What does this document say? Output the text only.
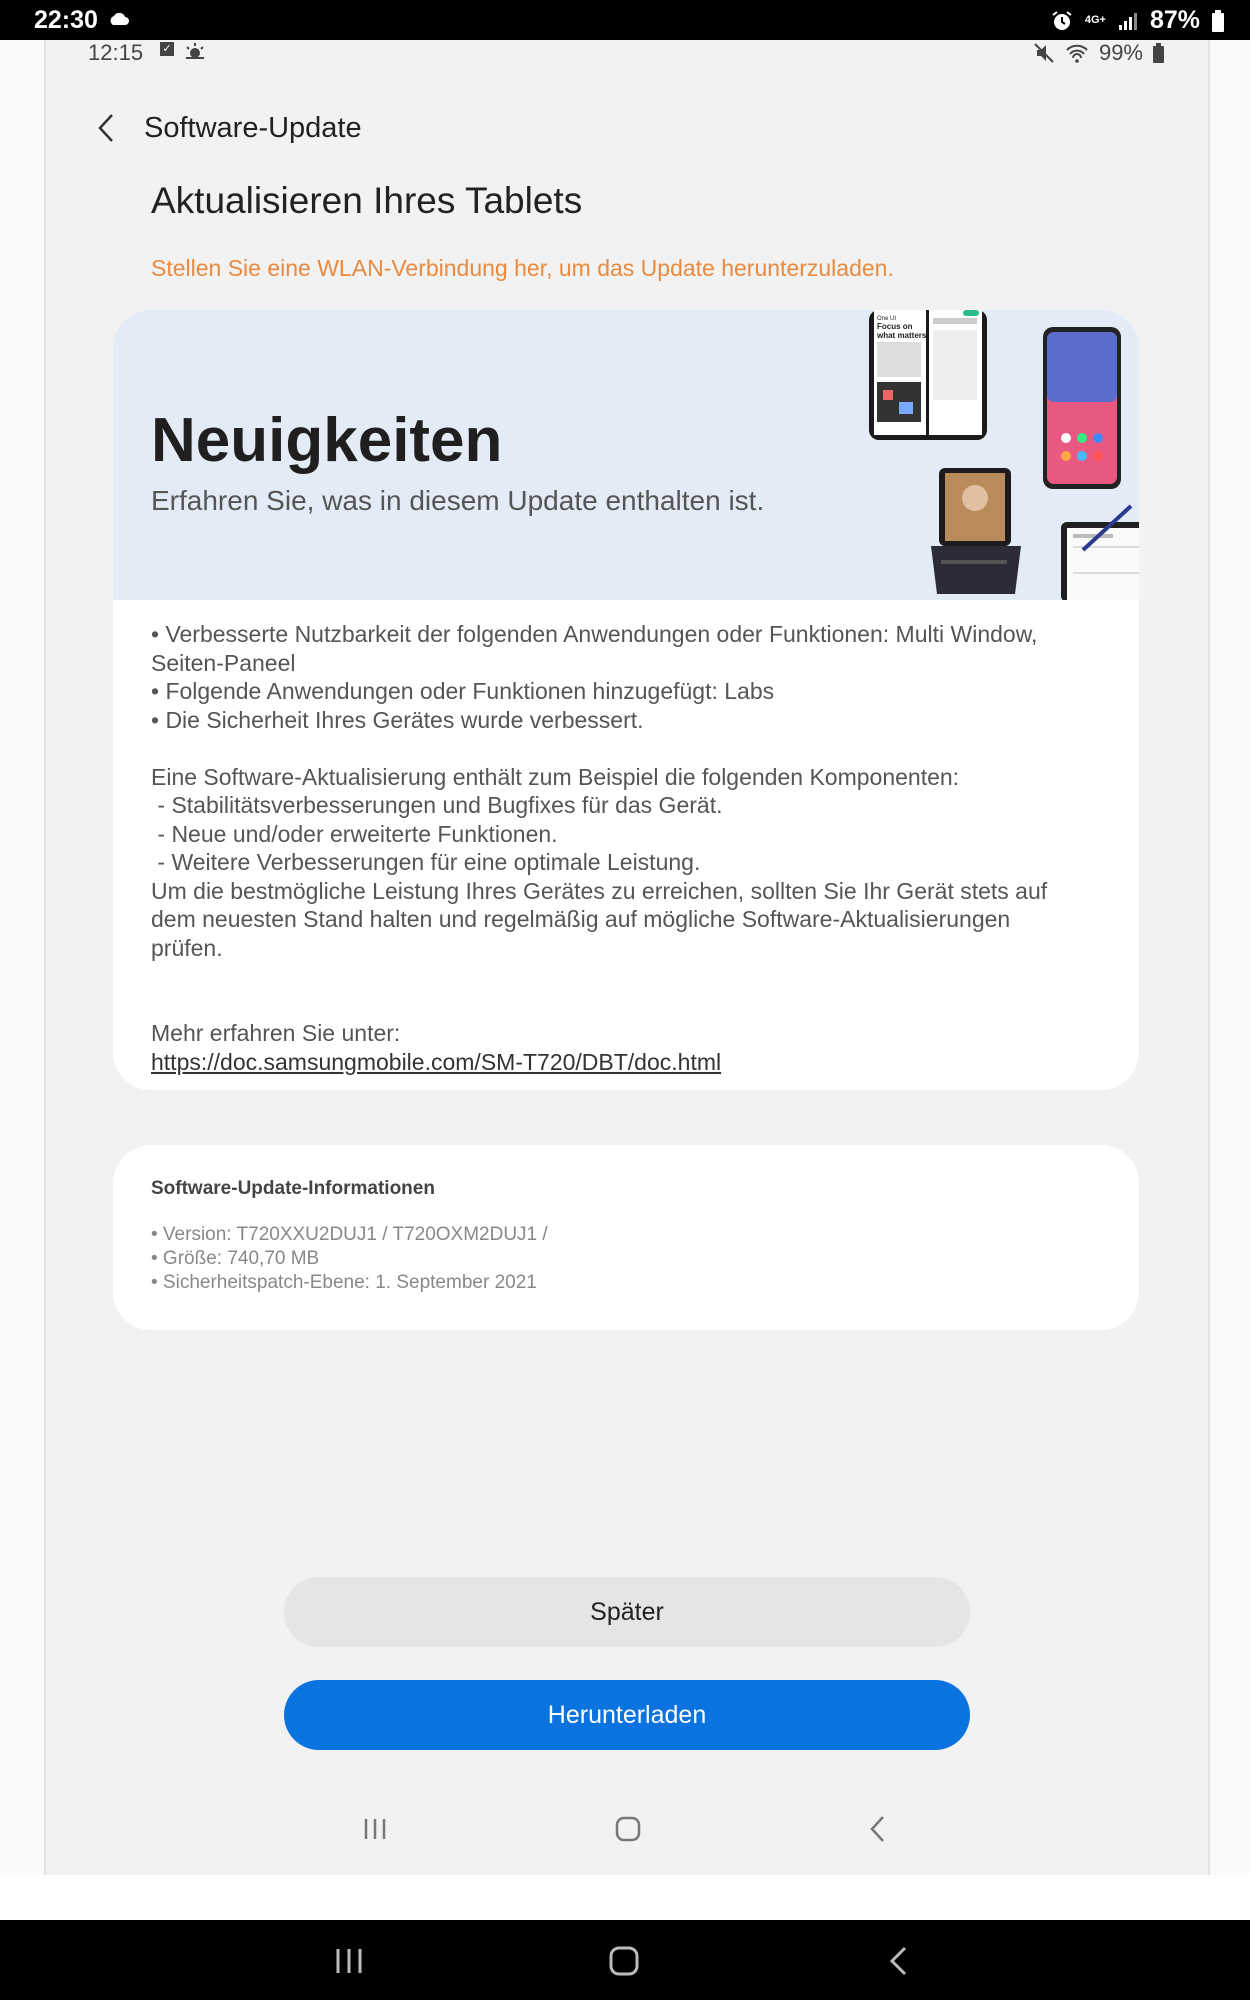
22:30	4G+ 87%
12:15 ✓	99%
Software-Update
Aktualisieren Ihres Tablets
Stellen Sie eine WLAN-Verbindung her, um das Update herunterzuladen.
Neuigkeiten
Erfahren Sie, was in diesem Update enthalten ist.
One UI
Focus on
what matters
• Verbesserte Nutzbarkeit der folgenden Anwendungen oder Funktionen: Multi Window,
Seiten-Paneel
• Folgende Anwendungen oder Funktionen hinzugefügt: Labs
• Die Sicherheit Ihres Gerätes wurde verbessert.

Eine Software-Aktualisierung enthält zum Beispiel die folgenden Komponenten:
- Stabilitätsverbesserungen und Bugfixes für das Gerät.
- Neue und/oder erweiterte Funktionen.
- Weitere Verbesserungen für eine optimale Leistung.
Um die bestmögliche Leistung Ihres Gerätes zu erreichen, sollten Sie Ihr Gerät stets auf
dem neuesten Stand halten und regelmäßig auf mögliche Software-Aktualisierungen
prüfen.

Mehr erfahren Sie unter:
https://doc.samsungmobile.com/SM-T720/DBT/doc.html
Software-Update-Informationen
• Version: T720XXU2DUJ1 / T720OXM2DUJ1 /
• Größe: 740,70 MB
• Sicherheitspatch-Ebene: 1. September 2021
Später
Herunterladen
